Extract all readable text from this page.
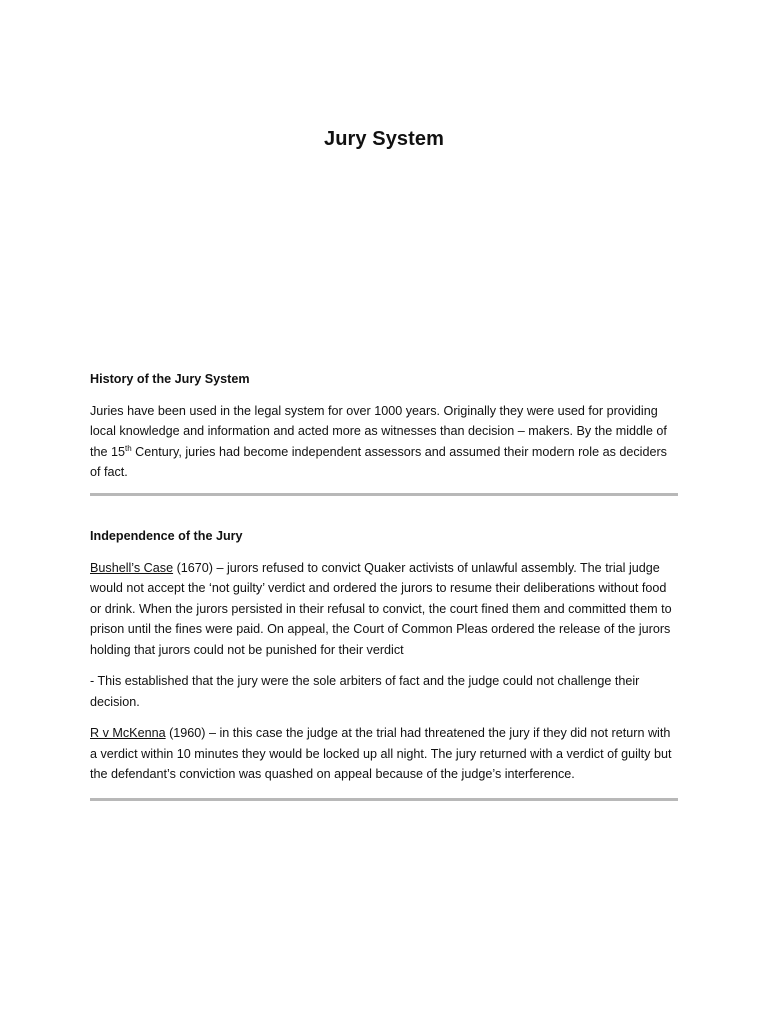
Jury System
History of the Jury System
Juries have been used in the legal system for over 1000 years. Originally they were used for providing local knowledge and information and acted more as witnesses than decision – makers. By the middle of the 15th Century, juries had become independent assessors and assumed their modern role as deciders of fact.
Independence of the Jury
Bushell’s Case (1670) – jurors refused to convict Quaker activists of unlawful assembly. The trial judge would not accept the ‘not guilty’ verdict and ordered the jurors to resume their deliberations without food or drink. When the jurors persisted in their refusal to convict, the court fined them and committed them to prison until the fines were paid. On appeal, the Court of Common Pleas ordered the release of the jurors holding that jurors could not be punished for their verdict
- This established that the jury were the sole arbiters of fact and the judge could not challenge their decision.
R v McKenna (1960) – in this case the judge at the trial had threatened the jury if they did not return with a verdict within 10 minutes they would be locked up all night. The jury returned with a verdict of guilty but the defendant’s conviction was quashed on appeal because of the judge’s interference.
